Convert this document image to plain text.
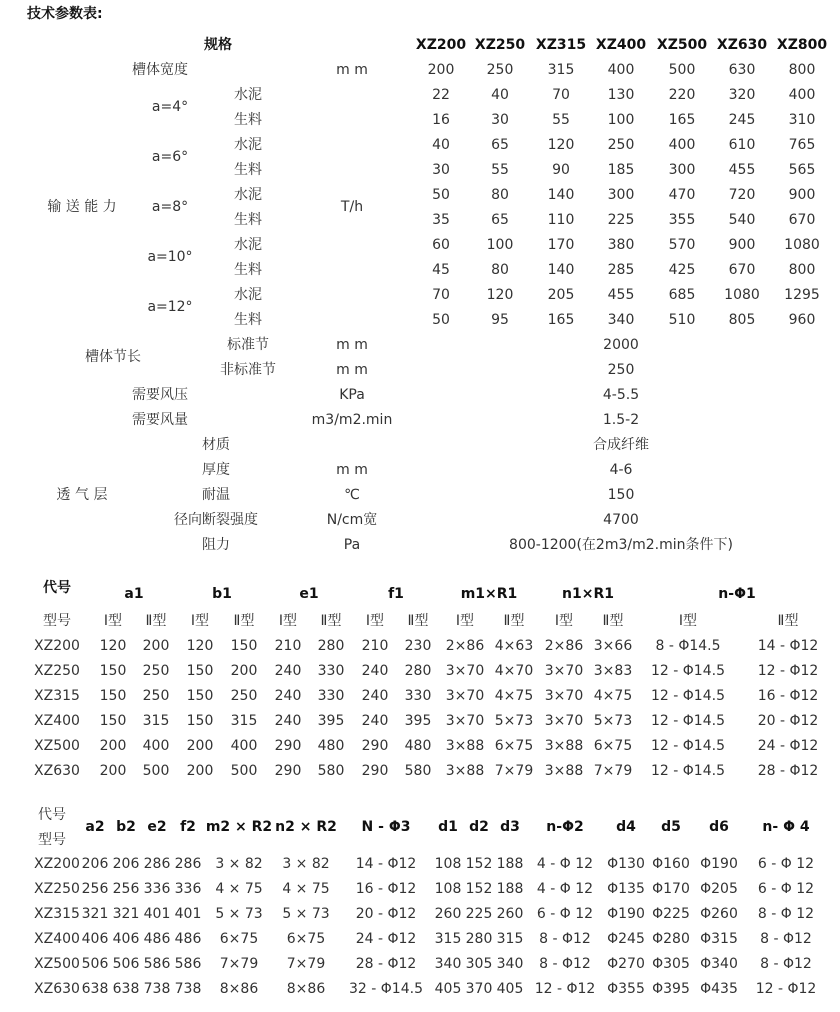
技术参数表:
规格	XZ200 XZ250 XZ315 XZ400 XZ500 XZ630 XZ800
槽体宽度	m m	200 250 315 400 500 630 800
输 送 能 力	T/h
a=4°
水泥	22	40	70	130 220 320 400
生料	16	30	55	100 165 245 310
a=6°
水泥	40	65	120 250 400 610 765
生料	30	55	90	185 300 455 565
a=8°
水泥	50	80	140 300 470 720 900
生料	35	65	110 225 355 540 670
a=10°
水泥	60	100 170 380 570 900 1080
生料	45	80	140 285 425 670 800
a=12°
水泥	70	120 205 455 685 1080 1295
生料	50	95	165 340 510 805 960
槽体节长
标准节	m m	2000
非标准节	m m	250
需要风压	KPa	4-5.5
需要风量	m3/m2.min	1.5-2
透 气 层
材质	合成纤维
厚度	m m	4-6
耐温	℃	150
径向断裂强度	N/cm宽	4700
阻力	Pa	800-1200(在2m3/m2.min条件下)
代号	a1	b1	e1	f1	m1×R1	n1×R1	n-Φ1
型号 Ⅰ型 Ⅱ型 Ⅰ型 Ⅱ型 Ⅰ型 Ⅱ型 Ⅰ型 Ⅱ型 Ⅰ型 Ⅱ型 Ⅰ型 Ⅱ型	Ⅰ型	Ⅱ型
XZ200 120 200 120 150 210 280 210 230 2×86 4×63 2×86 3×66 8 - Φ14.5	14 - Φ12
XZ250 150 250 150 200 240 330 240 280 3×70 4×70 3×70 3×83 12 - Φ14.5 12 - Φ12
XZ315 150 250 150 250 240 330 240 330 3×70 4×75 3×70 4×75 12 - Φ14.5 16 - Φ12
XZ400 150 315 150 315 240 395 240 395 3×70 5×73 3×70 5×73 12 - Φ14.5 20 - Φ12
XZ500 200 400 200 400 290 480 290 480 3×88 6×75 3×88 6×75 12 - Φ14.5 24 - Φ12
XZ630 200 500 200 500 290 580 290 580 3×88 7×79 3×88 7×79 12 - Φ14.5 28 - Φ12
代号
型号
a2 b2 e2 f2 m2 × R2 n2 × R2 N - Φ3 d1 d2 d3 n-Φ2 d4 d5 d6 n- Φ 4
XZ200 206 206 286 286 3 × 82 3 × 82 14 - Φ12 108 152 188 4 - Φ 12 Φ130 Φ160 Φ190 6 - Φ 12
XZ250 256 256 336 336 4 × 75 4 × 75 16 - Φ12 108 152 188 4 - Φ 12 Φ135 Φ170 Φ205 6 - Φ 12
XZ315 321 321 401 401 5 × 73 5 × 73 20 - Φ12 260 225 260 6 - Φ 12 Φ190 Φ225 Φ260 8 - Φ 12
XZ400 406 406 486 486 6×75 6×75 24 - Φ12 315 280 315 8 - Φ12 Φ245 Φ280 Φ315 8 - Φ12
XZ500 506 506 586 586 7×79 7×79 28 - Φ12 340 305 340 8 - Φ12 Φ270 Φ305 Φ340 8 - Φ12
XZ630 638 638 738 738 8×86 8×86 32 - Φ14.5 405 370 405 12 - Φ12 Φ355 Φ395 Φ435 12 - Φ12
